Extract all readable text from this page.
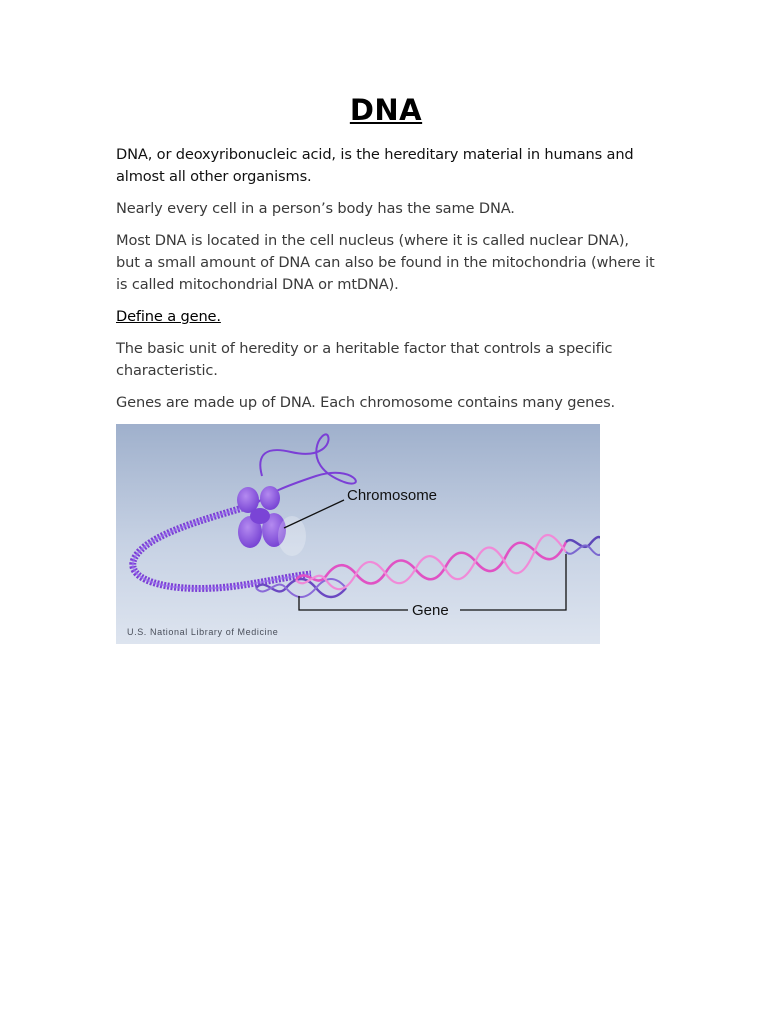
DNA

DNA, or deoxyribonucleic acid, is the hereditary material in humans and almost all other organisms.

Nearly every cell in a person’s body has the same DNA.

Most DNA is located in the cell nucleus (where it is called nuclear DNA), but a small amount of DNA can also be found in the mitochondria (where it is called mitochondrial DNA or mtDNA).

Define a gene.

The basic unit of heredity or a heritable factor that controls a specific characteristic.

Genes are made up of DNA. Each chromosome contains many genes.

Chromosome
Gene
U.S. National Library of Medicine
